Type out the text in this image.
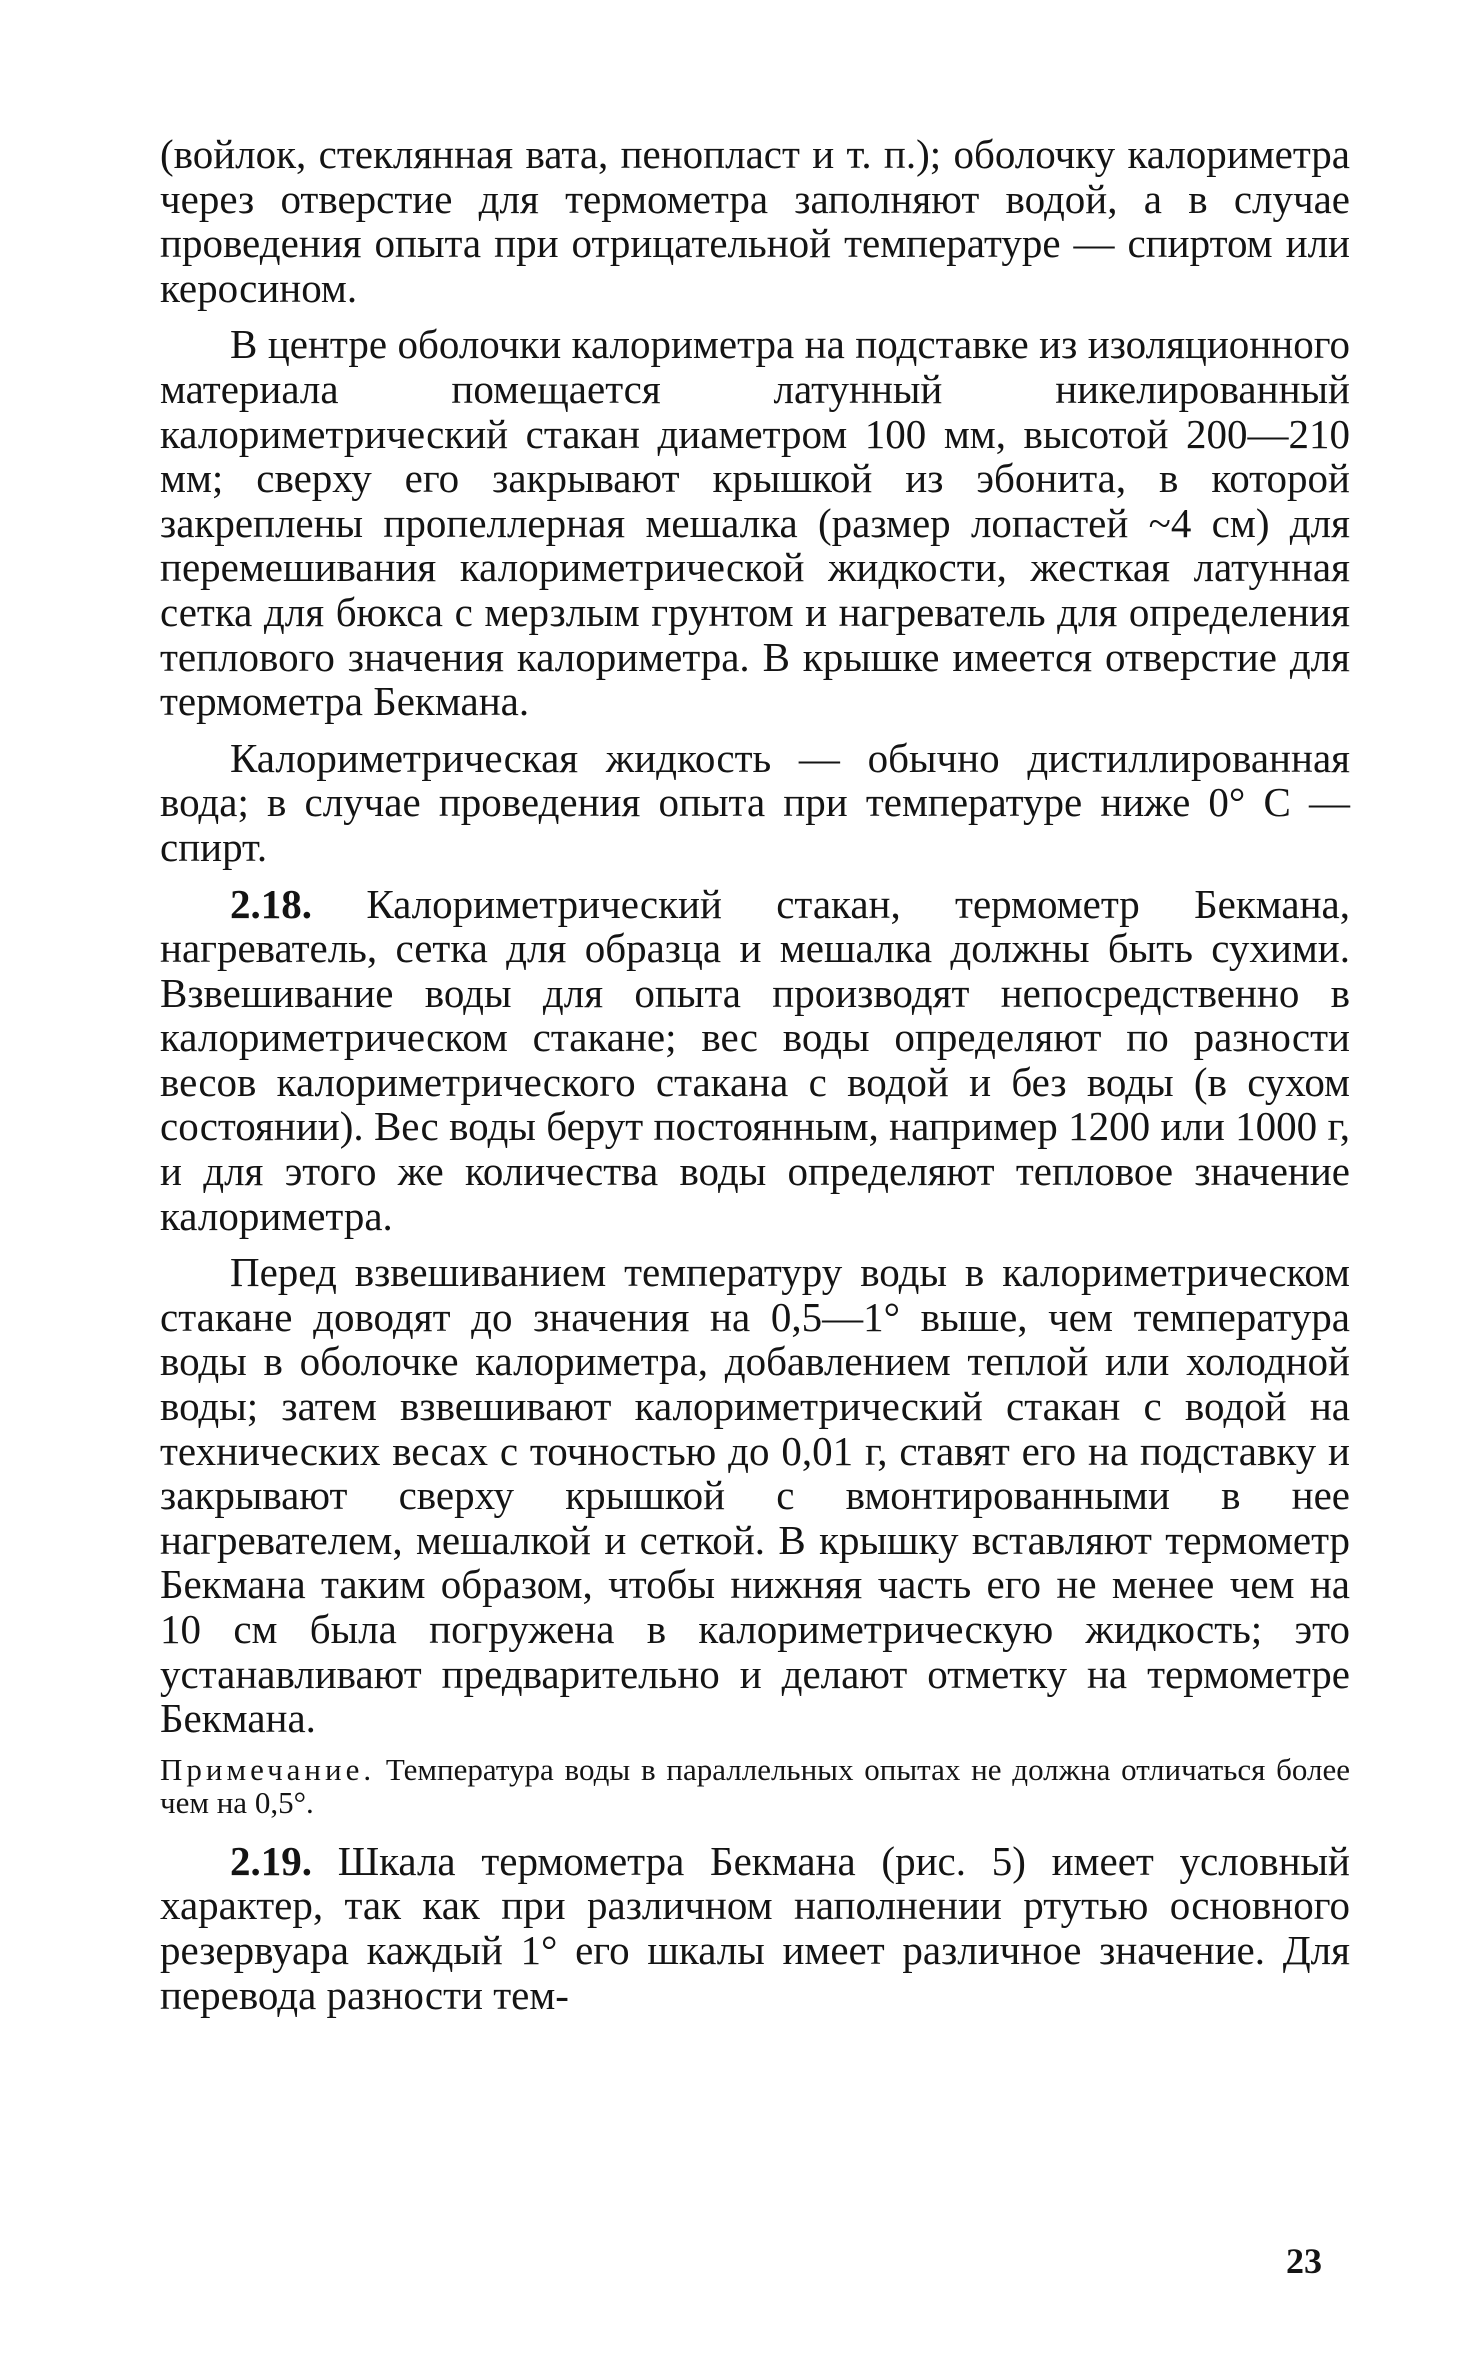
(войлок, стеклянная вата, пенопласт и т. п.); оболочку калориметра через отверстие для термометра заполняют водой, а в случае проведения опыта при отрицательной температуре — спиртом или керосином.

В центре оболочки калориметра на подставке из изоляционного материала помещается латунный никелированный калориметрический стакан диаметром 100 мм, высотой 200—210 мм; сверху его закрывают крышкой из эбонита, в которой закреплены пропеллерная мешалка (размер лопастей ~4 см) для перемешивания калориметрической жидкости, жесткая латунная сетка для бюкса с мерзлым грунтом и нагреватель для определения теплового значения калориметра. В крышке имеется отверстие для термометра Бекмана.

Калориметрическая жидкость — обычно дистиллированная вода; в случае проведения опыта при температуре ниже 0° С — спирт.

2.18. Калориметрический стакан, термометр Бекмана, нагреватель, сетка для образца и мешалка должны быть сухими. Взвешивание воды для опыта производят непосредственно в калориметрическом стакане; вес воды определяют по разности весов калориметрического стакана с водой и без воды (в сухом состоянии). Вес воды берут постоянным, например 1200 или 1000 г, и для этого же количества воды определяют тепловое значение калориметра.

Перед взвешиванием температуру воды в калориметрическом стакане доводят до значения на 0,5—1° выше, чем температура воды в оболочке калориметра, добавлением теплой или холодной воды; затем взвешивают калориметрический стакан с водой на технических весах с точностью до 0,01 г, ставят его на подставку и закрывают сверху крышкой с вмонтированными в нее нагревателем, мешалкой и сеткой. В крышку вставляют термометр Бекмана таким образом, чтобы нижняя часть его не менее чем на 10 см была погружена в калориметрическую жидкость; это устанавливают предварительно и делают отметку на термометре Бекмана.

Примечание. Температура воды в параллельных опытах не должна отличаться более чем на 0,5°.

2.19. Шкала термометра Бекмана (рис. 5) имеет условный характер, так как при различном наполнении ртутью основного резервуара каждый 1° его шкалы имеет различное значение. Для перевода разности тем-

23
